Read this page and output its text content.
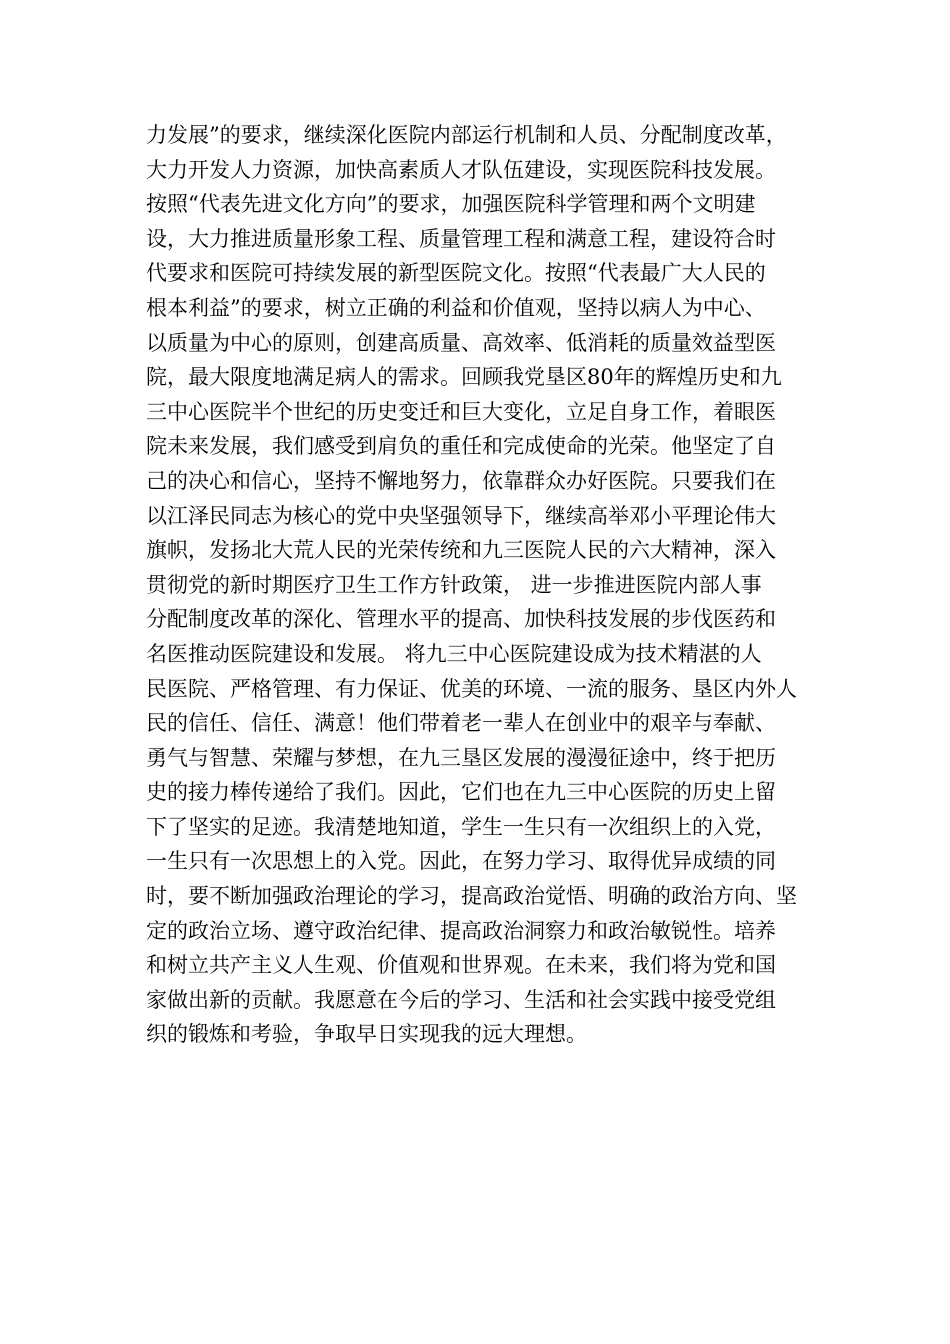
力发展”的要求，继续深化医院内部运行机制和人员、分配制度改革，
大力开发人力资源，加快高素质人才队伍建设，实现医院科技发展。
按照“代表先进文化方向”的要求，加强医院科学管理和两个文明建
设，大力推进质量形象工程、质量管理工程和满意工程，建设符合时
代要求和医院可持续发展的新型医院文化。按照“代表最广大人民的
根本利益”的要求，树立正确的利益和价值观，坚持以病人为中心、
以质量为中心的原则，创建高质量、高效率、低消耗的质量效益型医
院，最大限度地满足病人的需求。回顾我党垦区80年的辉煌历史和九
三中心医院半个世纪的历史变迁和巨大变化，立足自身工作，着眼医
院未来发展，我们感受到肩负的重任和完成使命的光荣。他坚定了自
己的决心和信心，坚持不懈地努力，依靠群众办好医院。只要我们在
以江泽民同志为核心的党中央坚强领导下，继续高举邓小平理论伟大
旗帜，发扬北大荒人民的光荣传统和九三医院人民的六大精神，深入
贯彻党的新时期医疗卫生工作方针政策， 进一步推进医院内部人事
分配制度改革的深化、管理水平的提高、加快科技发展的步伐医药和
名医推动医院建设和发展。 将九三中心医院建设成为技术精湛的人
民医院、严格管理、有力保证、优美的环境、一流的服务、垦区内外人
民的信任、信任、满意！他们带着老一辈人在创业中的艰辛与奉献、
勇气与智慧、荣耀与梦想，在九三垦区发展的漫漫征途中，终于把历
史的接力棒传递给了我们。因此，它们也在九三中心医院的历史上留
下了坚实的足迹。我清楚地知道，学生一生只有一次组织上的入党，
一生只有一次思想上的入党。因此，在努力学习、取得优异成绩的同
时，要不断加强政治理论的学习，提高政治觉悟、明确的政治方向、坚
定的政治立场、遵守政治纪律、提高政治洞察力和政治敏锐性。培养
和树立共产主义人生观、价值观和世界观。在未来，我们将为党和国
家做出新的贡献。我愿意在今后的学习、生活和社会实践中接受党组
织的锻炼和考验，争取早日实现我的远大理想。
